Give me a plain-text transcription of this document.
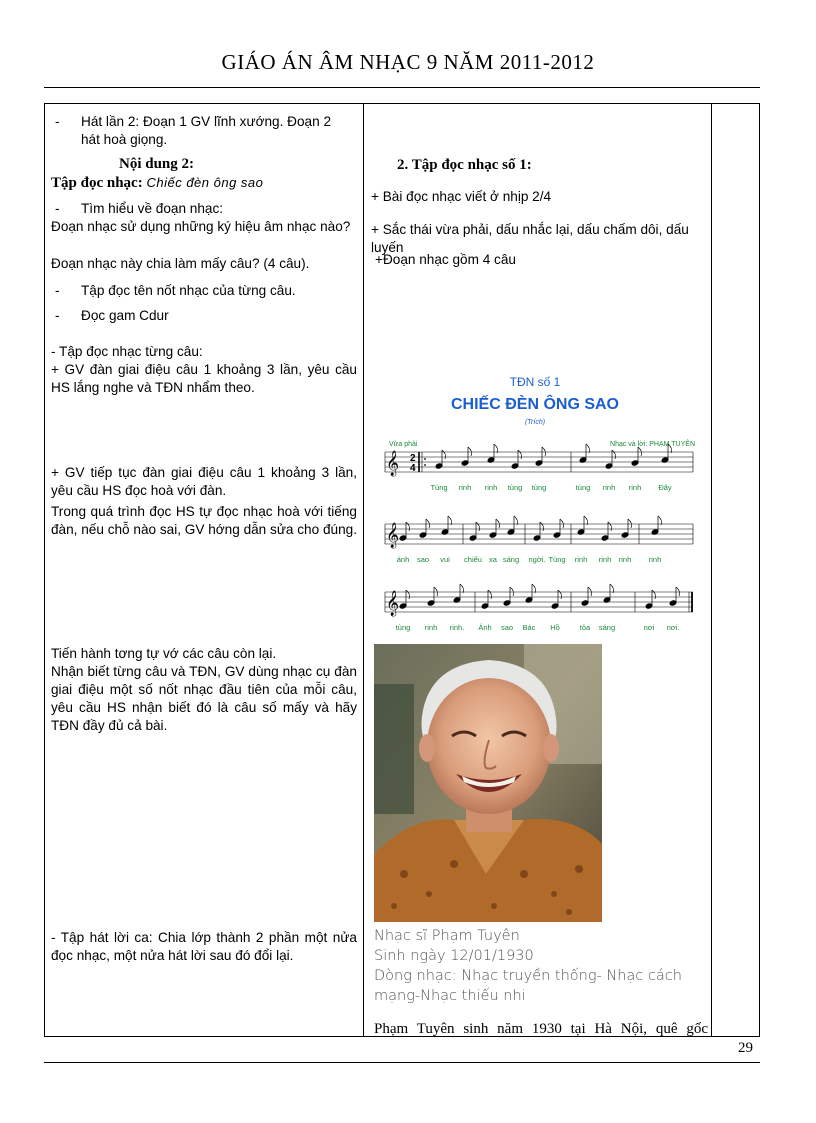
GIÁO ÁN ÂM NHẠC 9 NĂM 2011-2012
- Hát lần 2: Đoạn 1 GV lĩnh xướng. Đoạn 2
hát hoà giọng.
Nội dung 2:
Tập đọc nhạc: Chiếc đèn ông sao
- Tìm hiểu về đoạn nhạc:
Đoạn nhạc sử dụng những ký hiệu âm nhạc nào?
Đoạn nhạc này chia làm mấy câu? (4 câu).
- Tập đọc tên nốt nhạc của từng câu.
- Đọc gam Cdur
- Tập đọc nhạc từng câu:
+ GV đàn giai điệu câu 1 khoảng 3 lần, yêu cầu HS lắng nghe và TĐN nhẩm theo.
+ GV tiếp tục đàn giai điệu câu 1 khoảng 3 lần, yêu cầu HS đọc hoà với đàn.
Trong quá trình đọc HS tự đọc nhạc hoà với tiếng đàn, nếu chỗ nào sai, GV hớng dẫn sửa cho đúng.
Tiến hành tơng tự vớ các câu còn lại.
Nhận biết từng câu và TĐN, GV dùng nhạc cụ đàn giai điệu một số nốt nhạc đầu tiên của mỗi câu, yêu cầu HS nhận biết đó là câu số mấy và hãy TĐN đầy đủ cả bài.
- Tập hát lời ca: Chia lớp thành 2 phần một nửa đọc nhạc, một nửa hát lời sau đó đổi lại.
2. Tập đọc nhạc số 1:
+ Bài đọc nhạc viết ở nhịp 2/4
+ Sắc thái vừa phải, dấu nhắc lại, dấu chấm dôi, dấu luyến
+Đoạn nhạc gồm 4 câu
TĐN số 1
CHIẾC ĐÈN ÔNG SAO
(Trích)
Vừa phải	Nhạc và lời: PHẠM TUYÊN
𝄞 2
4
Tùng rinh rinh tùng tùng	tùng rinh rinh Đây
𝄞
ánh sao vui chiếu xa sáng ngời. Tùng rinh rinh rinh rinh
𝄞
tùng rinh rinh. Ánh sao Bác Hồ	tỏa sáng	nơi nơi.
Nhạc sĩ Phạm Tuyên
Sinh ngày 12/01/1930
Dòng nhạc: Nhạc truyền thống- Nhạc cách mạng-Nhạc thiếu nhi
Phạm Tuyên sinh năm 1930 tại Hà Nội, quê gốc
29
